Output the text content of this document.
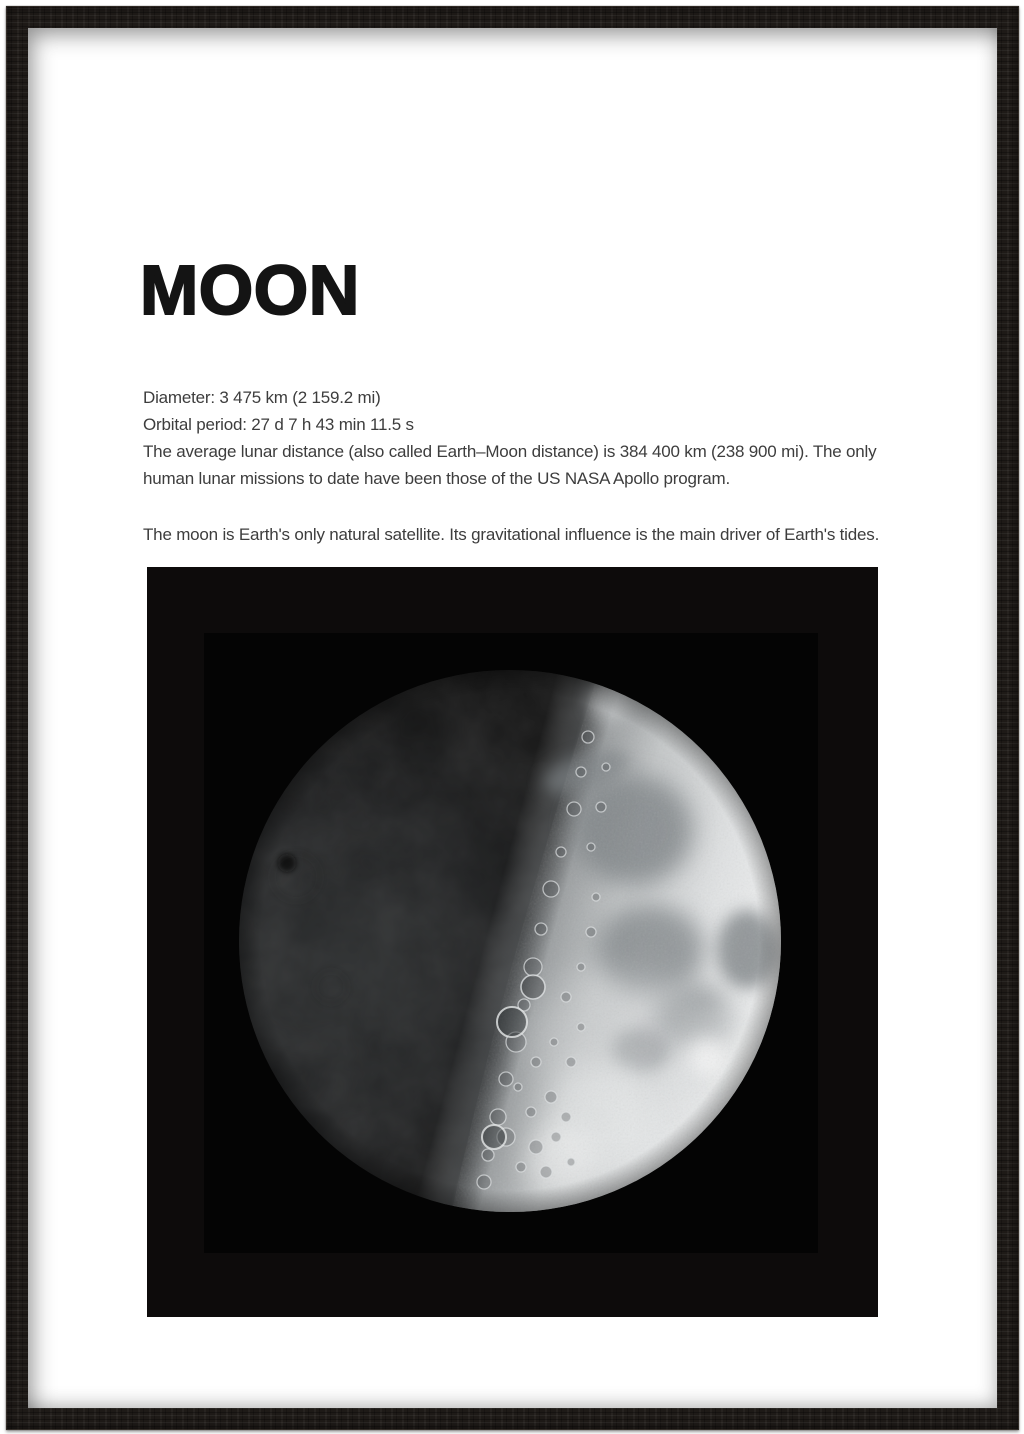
MOON
Diameter: 3 475 km (2 159.2 mi)
Orbital period: 27 d 7 h 43 min 11.5 s
The average lunar distance (also called Earth–Moon distance) is 384 400 km (238 900 mi). The only
human lunar missions to date have been those of the US NASA Apollo program.
The moon is Earth's only natural satellite. Its gravitational influence is the main driver of Earth's tides.
